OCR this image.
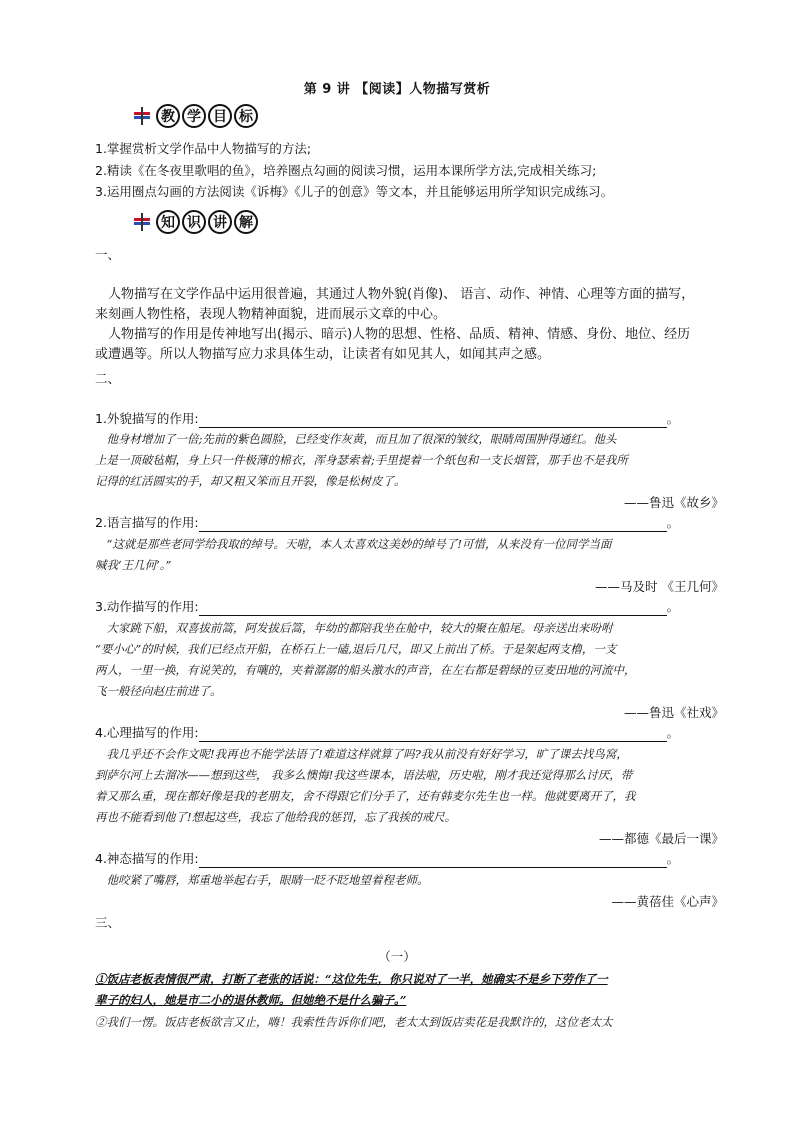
第 9 讲 【阅读】人物描写赏析
教 学 目 标
1.掌握赏析文学作品中人物描写的方法;
2.精读《在冬夜里歌唱的鱼》，培养圈点勾画的阅读习惯，运用本课所学方法,完成相关练习;
3.运用圈点勾画的方法阅读《诉梅》《儿子的创意》等文本，并且能够运用所学知识完成练习。
知 识 讲 解
一、
　人物描写在文学作品中运用很普遍，其通过人物外貌(肖像)、 语言、动作、神情、心理等方面的描写，
来刻画人物性格，表现人物精神面貌，进而展示文章的中心。
　人物描写的作用是传神地写出(揭示、暗示)人物的思想、性格、品质、精神、情感、身份、地位、经历
或遭遇等。所以人物描写应力求具体生动，让读者有如见其人，如闻其声之感。
二、
1.外貌描写的作用:	。
　他身材增加了一倍;先前的紫色圆脸，已经变作灰黄，而且加了很深的皱纹，眼睛周围肿得通红。他头
上是一顶破毡帽，身上只一件极薄的棉衣，浑身瑟索着;手里提着一个纸包和一支长烟管，那手也不是我所
记得的红活圆实的手，却又粗又笨而且开裂，像是松树皮了。
——鲁迅《故乡》
2.语言描写的作用:	。
　“这就是那些老同学给我取的绰号。天啦，本人太喜欢这美妙的绰号了!可惜，从来没有一位同学当面
喊我‘王几何’。”
——马及时 《王几何》
3.动作描写的作用:	。
　大家跳下船，双喜拔前篙，阿发拔后篙，年幼的都陪我坐在舱中，较大的聚在船尾。母亲送出来吩咐
“要小心”的时候，我们已经点开船，在桥石上一磕,退后几尺，即又上前出了桥。于是架起两支橹，一支
两人，一里一换，有说笑的，有嚷的，夹着潺潺的船头激水的声音，在左右都是碧绿的豆麦田地的河流中，
飞一般径向赵庄前进了。
——鲁迅《社戏》
4.心理描写的作用:	。
　我几乎还不会作文呢!我再也不能学法语了!难道这样就算了吗?我从前没有好好学习，旷了课去找鸟窝，
到萨尔河上去溜冰——想到这些， 我多么懊悔!我这些课本，语法啦，历史啦，刚才我还觉得那么讨厌，带
着又那么重，现在都好像是我的老朋友，舍不得跟它们分手了，还有韩麦尔先生也一样。他就要离开了，我
再也不能看到他了!想起这些，我忘了他给我的惩罚，忘了我挨的戒尺。
——都德《最后一课》
4.神态描写的作用:	。
　他咬紧了嘴唇，郑重地举起右手，眼睛一眨不眨地望着程老师。
——黄蓓佳《心声》
三、
（一）
①饭店老板表情很严肃，打断了老张的话说：“这位先生，你只说对了一半，她确实不是乡下劳作了一
辈子的妇人，她是市二小的退休教师。但她绝不是什么骗子。”
②我们一愣。饭店老板欲言又止，嗨！我索性告诉你们吧，老太太到饭店卖花是我默许的，这位老太太
